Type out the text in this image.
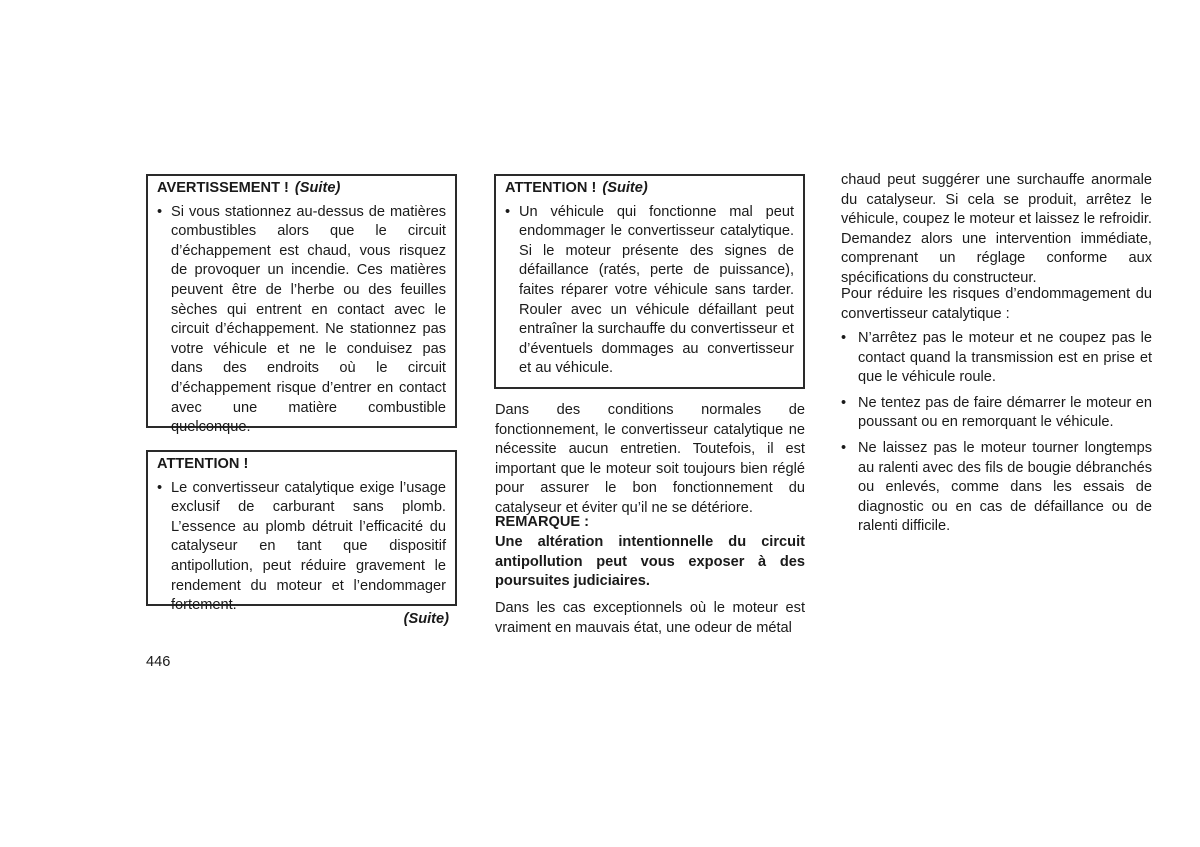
AVERTISSEMENT ! (Suite)
• Si vous stationnez au-dessus de matières combustibles alors que le circuit d’échappement est chaud, vous risquez de provoquer un incendie. Ces matières peuvent être de l’herbe ou des feuilles sèches qui entrent en contact avec le circuit d’échappement. Ne stationnez pas votre véhicule et ne le conduisez pas dans des endroits où le circuit d’échappement risque d’entrer en contact avec une matière combustible quelconque.
ATTENTION !
• Le convertisseur catalytique exige l’usage exclusif de carburant sans plomb. L’essence au plomb détruit l’efficacité du catalyseur en tant que dispositif antipollution, peut réduire gravement le rendement du moteur et l’endommager fortement.
(Suite)
446
ATTENTION ! (Suite)
• Un véhicule qui fonctionne mal peut endommager le convertisseur catalytique. Si le moteur présente des signes de défaillance (ratés, perte de puissance), faites réparer votre véhicule sans tarder. Rouler avec un véhicule défaillant peut entraîner la surchauffe du convertisseur et d’éventuels dommages au convertisseur et au véhicule.
Dans des conditions normales de fonctionnement, le convertisseur catalytique ne nécessite aucun entretien. Toutefois, il est important que le moteur soit toujours bien réglé pour assurer le bon fonctionnement du catalyseur et éviter qu’il ne se détériore.
REMARQUE :
Une altération intentionnelle du circuit antipollution peut vous exposer à des poursuites judiciaires.
Dans les cas exceptionnels où le moteur est vraiment en mauvais état, une odeur de métal
chaud peut suggérer une surchauffe anormale du catalyseur. Si cela se produit, arrêtez le véhicule, coupez le moteur et laissez le refroidir. Demandez alors une intervention immédiate, comprenant un réglage conforme aux spécifications du constructeur.
Pour réduire les risques d’endommagement du convertisseur catalytique :
• N’arrêtez pas le moteur et ne coupez pas le contact quand la transmission est en prise et que le véhicule roule.
• Ne tentez pas de faire démarrer le moteur en poussant ou en remorquant le véhicule.
• Ne laissez pas le moteur tourner longtemps au ralenti avec des fils de bougie débranchés ou enlevés, comme dans les essais de diagnostic ou en cas de défaillance ou de ralenti difficile.
